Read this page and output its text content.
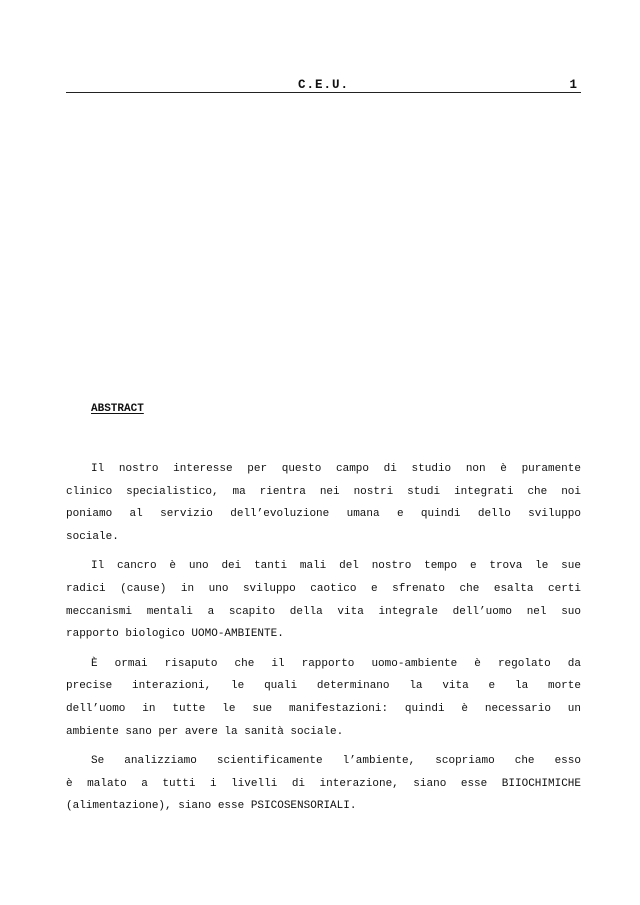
C.E.U.	1
ABSTRACT

Il nostro interesse per questo campo di studio non è puramente
clinico specialistico, ma rientra nei nostri studi integrati che noi
poniamo al servizio dell’evoluzione umana e quindi dello sviluppo
sociale.

Il cancro è uno dei tanti mali del nostro tempo e trova le sue
radici (cause) in uno sviluppo caotico e sfrenato che esalta certi
meccanismi mentali a scapito della vita integrale dell’uomo nel suo
rapporto biologico UOMO-AMBIENTE.

È ormai risaputo che il rapporto uomo-ambiente è regolato da
precise interazioni, le quali determinano la vita e la morte
dell’uomo in tutte le sue manifestazioni: quindi è necessario un
ambiente sano per avere la sanità sociale.

Se analizziamo scientificamente l’ambiente, scopriamo che esso
è malato a tutti i livelli di interazione, siano esse BIIOCHIMICHE
(alimentazione), siano esse PSICOSENSORIALI.
